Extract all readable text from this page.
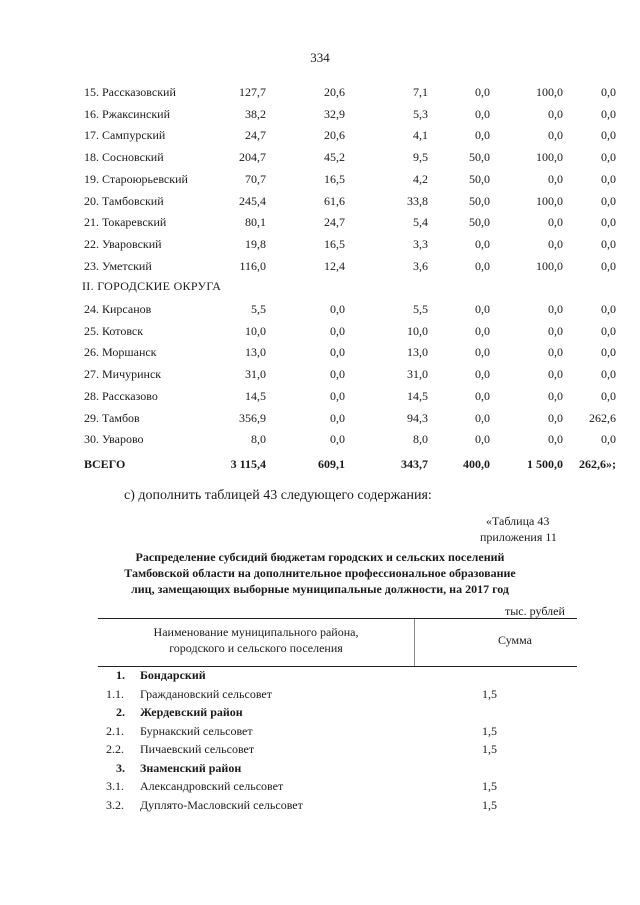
334
15. Рассказовский	127,7	20,6	7,1	0,0	100,0	0,0
16. Ржаксинский	38,2	32,9	5,3	0,0	0,0	0,0
17. Сампурский	24,7	20,6	4,1	0,0	0,0	0,0
18. Сосновский	204,7	45,2	9,5	50,0	100,0	0,0
19. Староюрьевский	70,7	16,5	4,2	50,0	0,0	0,0
20. Тамбовский	245,4	61,6	33,8	50,0	100,0	0,0
21. Токаревский	80,1	24,7	5,4	50,0	0,0	0,0
22. Уваровский	19,8	16,5	3,3	0,0	0,0	0,0
23. Уметский	116,0	12,4	3,6	0,0	100,0	0,0
II. ГОРОДСКИЕ ОКРУГА
24. Кирсанов	5,5	0,0	5,5	0,0	0,0	0,0
25. Котовск	10,0	0,0	10,0	0,0	0,0	0,0
26. Моршанск	13,0	0,0	13,0	0,0	0,0	0,0
27. Мичуринск	31,0	0,0	31,0	0,0	0,0	0,0
28. Рассказово	14,5	0,0	14,5	0,0	0,0	0,0
29. Тамбов	356,9	0,0	94,3	0,0	0,0	262,6
30. Уварово	8,0	0,0	8,0	0,0	0,0	0,0
ВСЕГО	3 115,4	609,1	343,7	400,0	1 500,0	262,6»;
с) дополнить таблицей 43 следующего содержания:
«Таблица 43
приложения 11
Распределение субсидий бюджетам городских и сельских поселений
Тамбовской области на дополнительное профессиональное образование
лиц, замещающих выборные муниципальные должности, на 2017 год
тыс. рублей
Наименование муниципального района,
городского и сельского поселения
Сумма
1. Бондарский
1.1. Граждановский сельсовет	1,5
2. Жердевский район
2.1. Бурнакский сельсовет	1,5
2.2. Пичаевский сельсовет	1,5
3. Знаменский район
3.1. Александровский сельсовет	1,5
3.2. Дуплято-Масловский сельсовет	1,5
